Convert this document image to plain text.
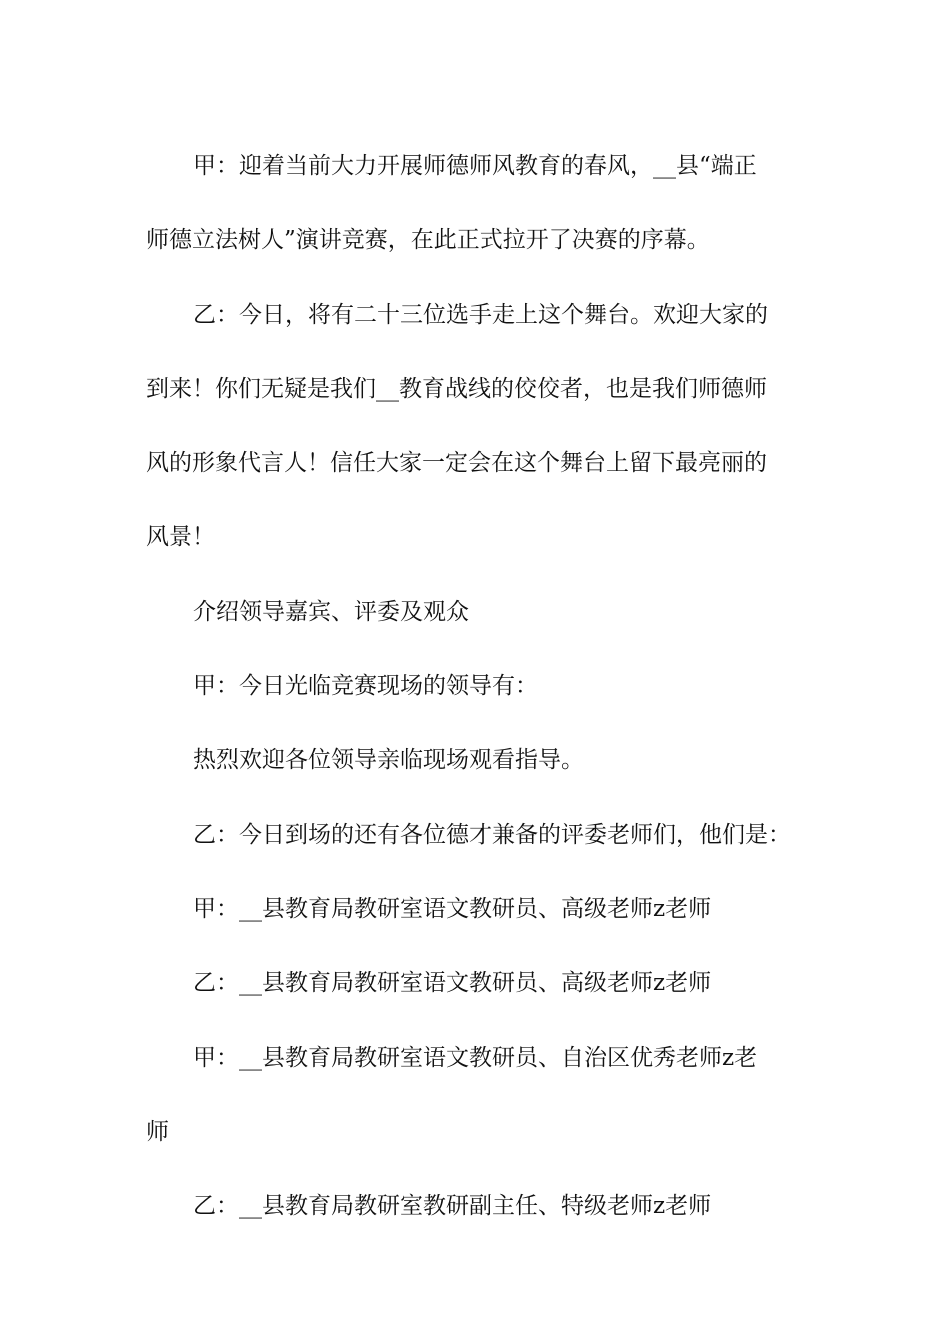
甲：迎着当前大力开展师德师风教育的春风，__县“端正
师德立法树人”演讲竞赛，在此正式拉开了决赛的序幕。

乙：今日，将有二十三位选手走上这个舞台。欢迎大家的
到来！你们无疑是我们__教育战线的佼佼者，也是我们师德师
风的形象代言人！信任大家一定会在这个舞台上留下最亮丽的
风景！

介绍领导嘉宾、评委及观众

甲：今日光临竞赛现场的领导有：

热烈欢迎各位领导亲临现场观看指导。

乙：今日到场的还有各位德才兼备的评委老师们，他们是：

甲：__县教育局教研室语文教研员、高级老师z老师

乙：__县教育局教研室语文教研员、高级老师z老师

甲：__县教育局教研室语文教研员、自治区优秀老师z老
师

乙：__县教育局教研室教研副主任、特级老师z老师
